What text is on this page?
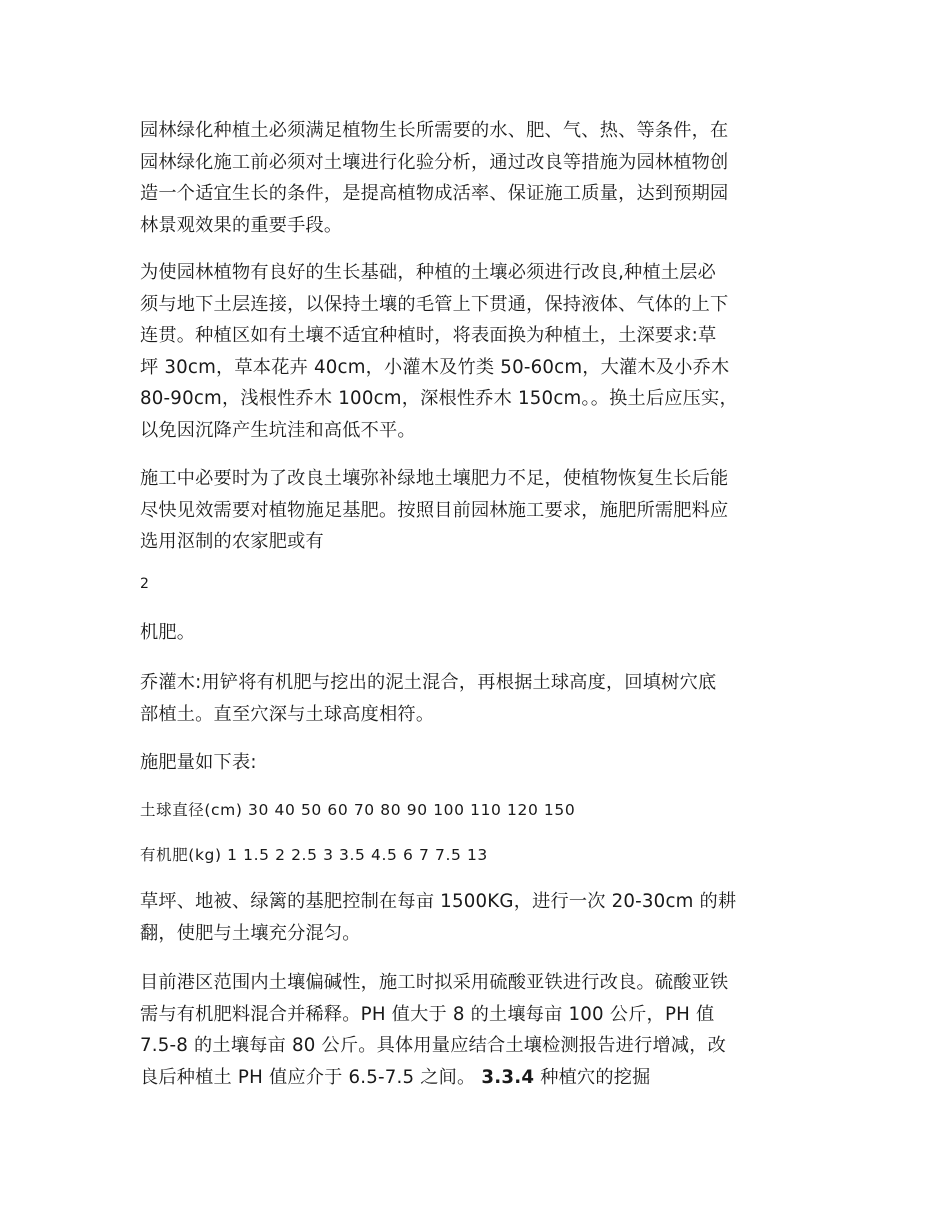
园林绿化种植土必须满足植物生长所需要的水、肥、气、热、等条件，在
园林绿化施工前必须对土壤进行化验分析，通过改良等措施为园林植物创
造一个适宜生长的条件，是提高植物成活率、保证施工质量，达到预期园
林景观效果的重要手段。
为使园林植物有良好的生长基础，种植的土壤必须进行改良,种植土层必
须与地下土层连接，以保持土壤的毛管上下贯通，保持液体、气体的上下
连贯。种植区如有土壤不适宜种植时，将表面换为种植土，土深要求:草
坪 30cm，草本花卉 40cm，小灌木及竹类 50-60cm，大灌木及小乔木
80-90cm，浅根性乔木 100cm，深根性乔木 150cm。。换土后应压实，
以免因沉降产生坑洼和高低不平。
施工中必要时为了改良土壤弥补绿地土壤肥力不足，使植物恢复生长后能
尽快见效需要对植物施足基肥。按照目前园林施工要求，施肥所需肥料应
选用沤制的农家肥或有
2
机肥。
乔灌木:用铲将有机肥与挖出的泥土混合，再根据土球高度，回填树穴底
部植土。直至穴深与土球高度相符。
施肥量如下表:
土球直径(cm) 30 40 50 60 70 80 90 100 110 120 150
有机肥(kg) 1 1.5 2 2.5 3 3.5 4.5 6 7 7.5 13
草坪、地被、绿篱的基肥控制在每亩 1500KG，进行一次 20-30cm 的耕
翻，使肥与土壤充分混匀。
目前港区范围内土壤偏碱性，施工时拟采用硫酸亚铁进行改良。硫酸亚铁
需与有机肥料混合并稀释。PH 值大于 8 的土壤每亩 100 公斤，PH 值
7.5-8 的土壤每亩 80 公斤。具体用量应结合土壤检测报告进行增减，改
良后种植土 PH 值应介于 6.5-7.5 之间。 3.3.4 种植穴的挖掘
